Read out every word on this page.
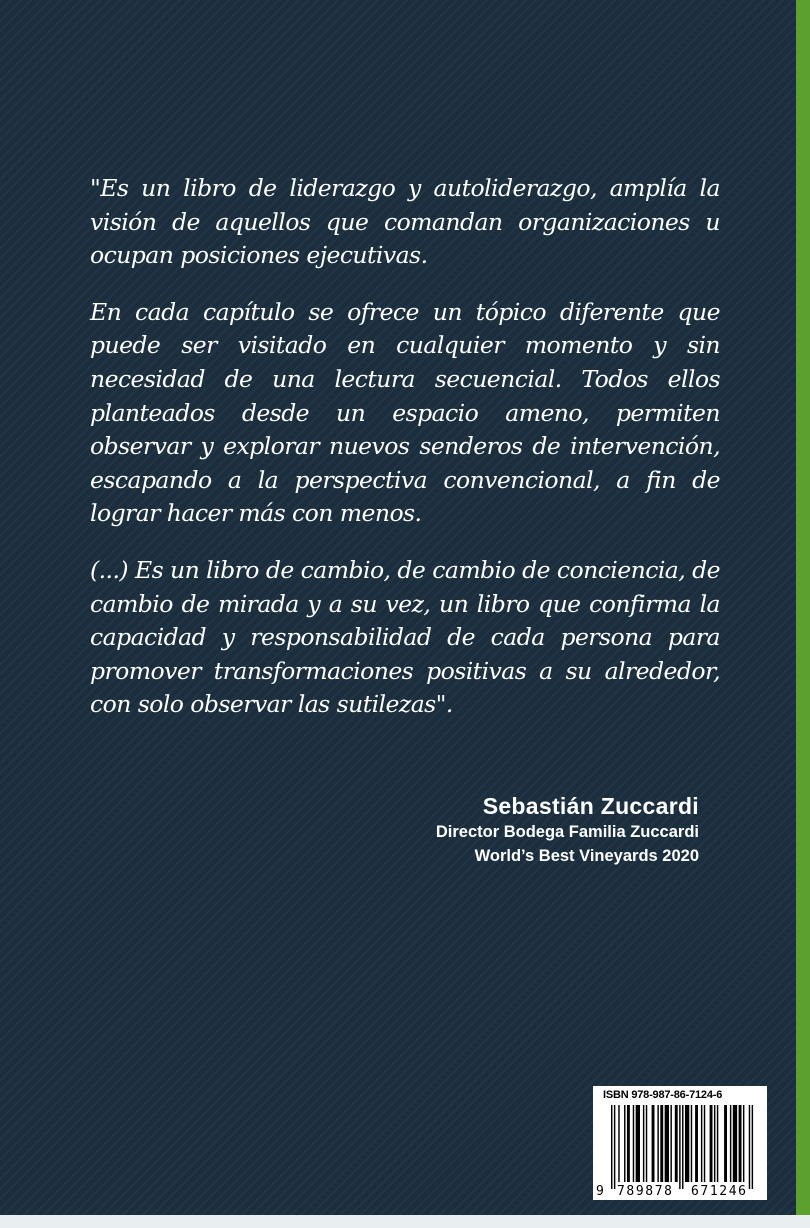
"Es un libro de liderazgo y autoliderazgo, amplía la visión de aquellos que comandan organizaciones u ocupan posiciones ejecutivas.

En cada capítulo se ofrece un tópico diferente que puede ser visitado en cualquier momento y sin necesidad de una lectura secuencial. Todos ellos planteados desde un espacio ameno, permiten observar y explorar nuevos senderos de intervención, escapando a la perspectiva convencional, a fin de lograr hacer más con menos.

(...) Es un libro de cambio, de cambio de conciencia, de cambio de mirada y a su vez, un libro que confirma la capacidad y responsabilidad de cada persona para promover transformaciones positivas a su alrededor, con solo observar las sutilezas".

Sebastián Zuccardi
Director Bodega Familia Zuccardi
World’s Best Vineyards 2020
ISBN 978-987-86-7124-6
9 789878 671246
